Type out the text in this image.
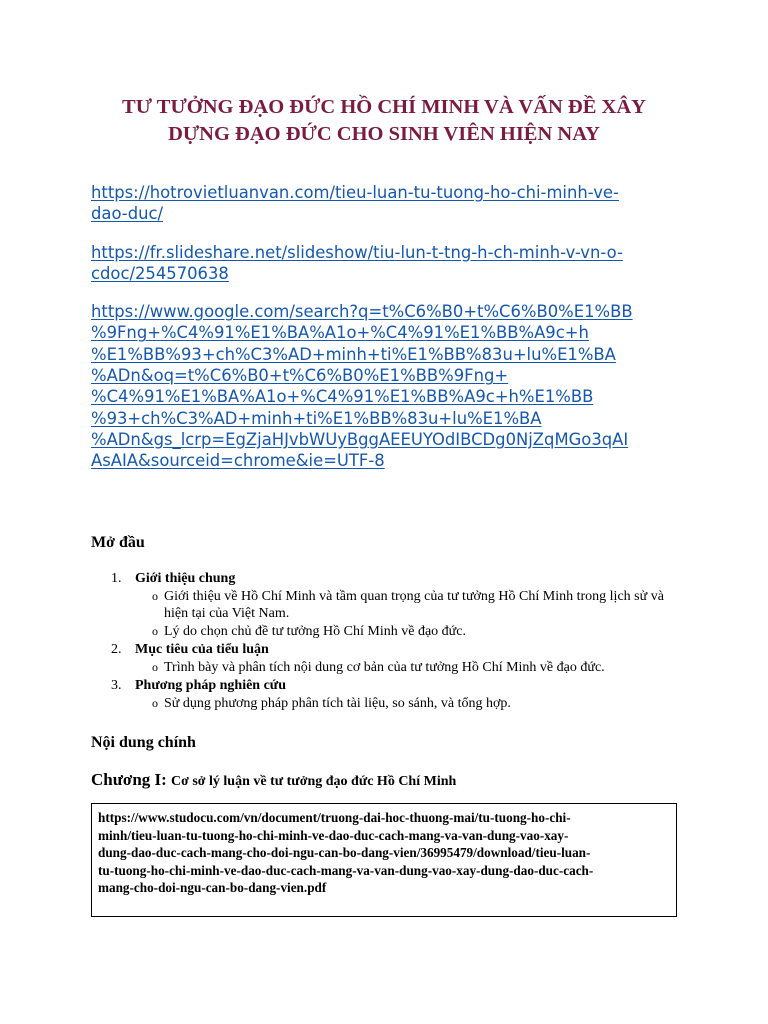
TƯ TƯỞNG ĐẠO ĐỨC HỒ CHÍ MINH VÀ VẤN ĐỀ XÂY
DỰNG ĐẠO ĐỨC CHO SINH VIÊN HIỆN NAY
https://hotrovietluanvan.com/tieu-luan-tu-tuong-ho-chi-minh-ve-
dao-duc/
https://fr.slideshare.net/slideshow/tiu-lun-t-tng-h-ch-minh-v-vn-o-
cdoc/254570638
https://www.google.com/search?q=t%C6%B0+t%C6%B0%E1%BB
%9Fng+%C4%91%E1%BA%A1o+%C4%91%E1%BB%A9c+h
%E1%BB%93+ch%C3%AD+minh+ti%E1%BB%83u+lu%E1%BA
%ADn&oq=t%C6%B0+t%C6%B0%E1%BB%9Fng+
%C4%91%E1%BA%A1o+%C4%91%E1%BB%A9c+h%E1%BB
%93+ch%C3%AD+minh+ti%E1%BB%83u+lu%E1%BA
%ADn&gs_lcrp=EgZjaHJvbWUyBggAEEUYOdIBCDg0NjZqMGo3qAI
AsAIA&sourceid=chrome&ie=UTF-8
Mở đầu
1. Giới thiệu chung
o Giới thiệu về Hồ Chí Minh và tầm quan trọng của tư tưởng Hồ Chí Minh trong lịch sử và hiện tại của Việt Nam.
o Lý do chọn chủ đề tư tưởng Hồ Chí Minh về đạo đức.
2. Mục tiêu của tiểu luận
o Trình bày và phân tích nội dung cơ bản của tư tưởng Hồ Chí Minh về đạo đức.
3. Phương pháp nghiên cứu
o Sử dụng phương pháp phân tích tài liệu, so sánh, và tổng hợp.
Nội dung chính
Chương I: Cơ sở lý luận về tư tưởng đạo đức Hồ Chí Minh
https://www.studocu.com/vn/document/truong-dai-hoc-thuong-mai/tu-tuong-ho-chi-
minh/tieu-luan-tu-tuong-ho-chi-minh-ve-dao-duc-cach-mang-va-van-dung-vao-xay-
dung-dao-duc-cach-mang-cho-doi-ngu-can-bo-dang-vien/36995479/download/tieu-luan-
tu-tuong-ho-chi-minh-ve-dao-duc-cach-mang-va-van-dung-vao-xay-dung-dao-duc-cach-
mang-cho-doi-ngu-can-bo-dang-vien.pdf
